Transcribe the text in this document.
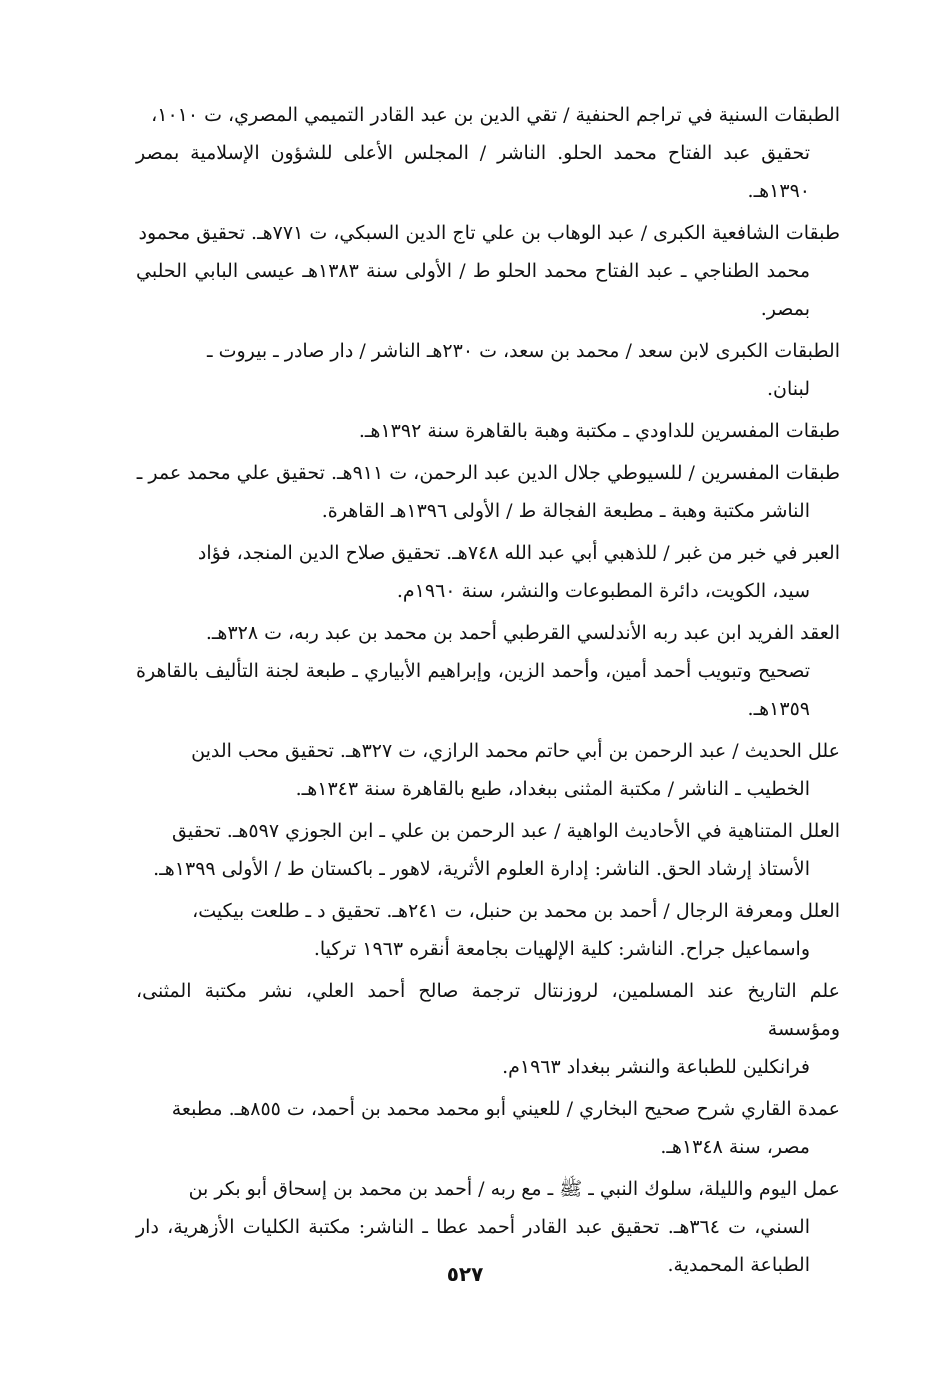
الطبقات السنية في تراجم الحنفية / تقي الدين بن عبد القادر التميمي المصري، ت ١٠١٠،
تحقيق عبد الفتاح محمد الحلو. الناشر / المجلس الأعلى للشؤون الإسلامية بمصر ١٣٩٠هـ.
طبقات الشافعية الكبرى / عبد الوهاب بن علي تاج الدين السبكي، ت ٧٧١هـ. تحقيق محمود
محمد الطناجي ـ عبد الفتاح محمد الحلو ط / الأولى سنة ١٣٨٣هـ عيسى البابي الحلبي بمصر.
الطبقات الكبرى لابن سعد / محمد بن سعد، ت ٢٣٠هـ الناشر / دار صادر ـ بيروت ـ
لبنان.
طبقات المفسرين للداودي ـ مكتبة وهبة بالقاهرة سنة ١٣٩٢هـ.
طبقات المفسرين / للسيوطي جلال الدين عبد الرحمن، ت ٩١١هـ. تحقيق علي محمد عمر ـ
الناشر مكتبة وهبة ـ مطبعة الفجالة ط / الأولى ١٣٩٦هـ القاهرة.
العبر في خبر من غبر / للذهبي أبي عبد الله ٧٤٨هـ. تحقيق صلاح الدين المنجد، فؤاد
سيد، الكويت، دائرة المطبوعات والنشر، سنة ١٩٦٠م.
العقد الفريد ابن عبد ربه الأندلسي القرطبي أحمد بن محمد بن عبد ربه، ت ٣٢٨هـ.
تصحيح وتبويب أحمد أمين، وأحمد الزين، وإبراهيم الأبياري ـ طبعة لجنة التأليف بالقاهرة ١٣٥٩هـ.
علل الحديث / عبد الرحمن بن أبي حاتم محمد الرازي، ت ٣٢٧هـ. تحقيق محب الدين
الخطيب ـ الناشر / مكتبة المثنى ببغداد، طبع بالقاهرة سنة ١٣٤٣هـ.
العلل المتناهية في الأحاديث الواهية / عبد الرحمن بن علي ـ ابن الجوزي ٥٩٧هـ. تحقيق
الأستاذ إرشاد الحق. الناشر: إدارة العلوم الأثرية، لاهور ـ باكستان ط / الأولى ١٣٩٩هـ.
العلل ومعرفة الرجال / أحمد بن محمد بن حنبل، ت ٢٤١هـ. تحقيق د ـ طلعت بيكيت،
واسماعيل جراح. الناشر: كلية الإلهيات بجامعة أنقره ١٩٦٣ تركيا.
علم التاريخ عند المسلمين، لروزنتال ترجمة صالح أحمد العلي، نشر مكتبة المثنى، ومؤسسة
فرانكلين للطباعة والنشر ببغداد ١٩٦٣م.
عمدة القاري شرح صحيح البخاري / للعيني أبو محمد محمد بن أحمد، ت ٨٥٥هـ. مطبعة
مصر، سنة ١٣٤٨هـ.
عمل اليوم والليلة، سلوك النبي ـ ﷺ ـ مع ربه / أحمد بن محمد بن إسحاق أبو بكر بن
السني، ت ٣٦٤هـ. تحقيق عبد القادر أحمد عطا ـ الناشر: مكتبة الكليات الأزهرية، دار الطباعة المحمدية.
٥٢٧
